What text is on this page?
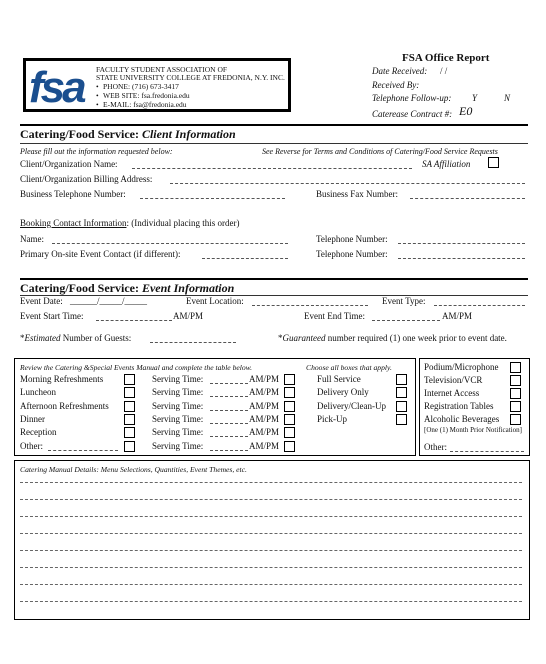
fsa	FACULTY STUDENT ASSOCIATION OF
STATE UNIVERSITY COLLEGE AT FREDONIA, N.Y. INC.
• PHONE: (716) 673-3417
• WEB SITE: fsa.fredonia.edu
• E-MAIL: fsa@fredonia.edu
FSA Office Report
Date Received: / /
Received By:
Telephone Follow-up: Y	N
Caterease Contract #: E0
Catering/Food Service: Client Information
Please fill out the information requested below:	See Reverse for Terms and Conditions of Catering/Food Service Requests
Client/Organization Name:	SA Affiliation
Client/Organization Billing Address:
Business Telephone Number:	Business Fax Number:
Booking Contact Information: (Individual placing this order)
Name:	Telephone Number:
Primary On-site Event Contact (if different):	Telephone Number:
Catering/Food Service: Event Information
Event Date: ______/_____/_____	Event Location:	Event Type:
Event Start Time:	AM/PM	Event End Time:	AM/PM
*Estimated Number of Guests:	*Guaranteed number required (1) one week prior to event date.
Review the Catering &Special Events Manual and complete the table below.	Choose all boxes that apply.
[One (1) Month Prior Notification]
Other:
Catering Manual Details: Menu Selections, Quantities, Event Themes, etc.
Morning Refreshments	Serving Time:	AM/PM
Luncheon	Serving Time:	AM/PM
Afternoon Refreshments	Serving Time:	AM/PM
Dinner	Serving Time:	AM/PM
Reception	Serving Time:	AM/PM
Other:	Serving Time:	AM/PM
Full Service
Delivery Only
Delivery/Clean-Up
Pick-Up
Podium/Microphone
Television/VCR
Internet Access
Registration Tables
Alcoholic Beverages
